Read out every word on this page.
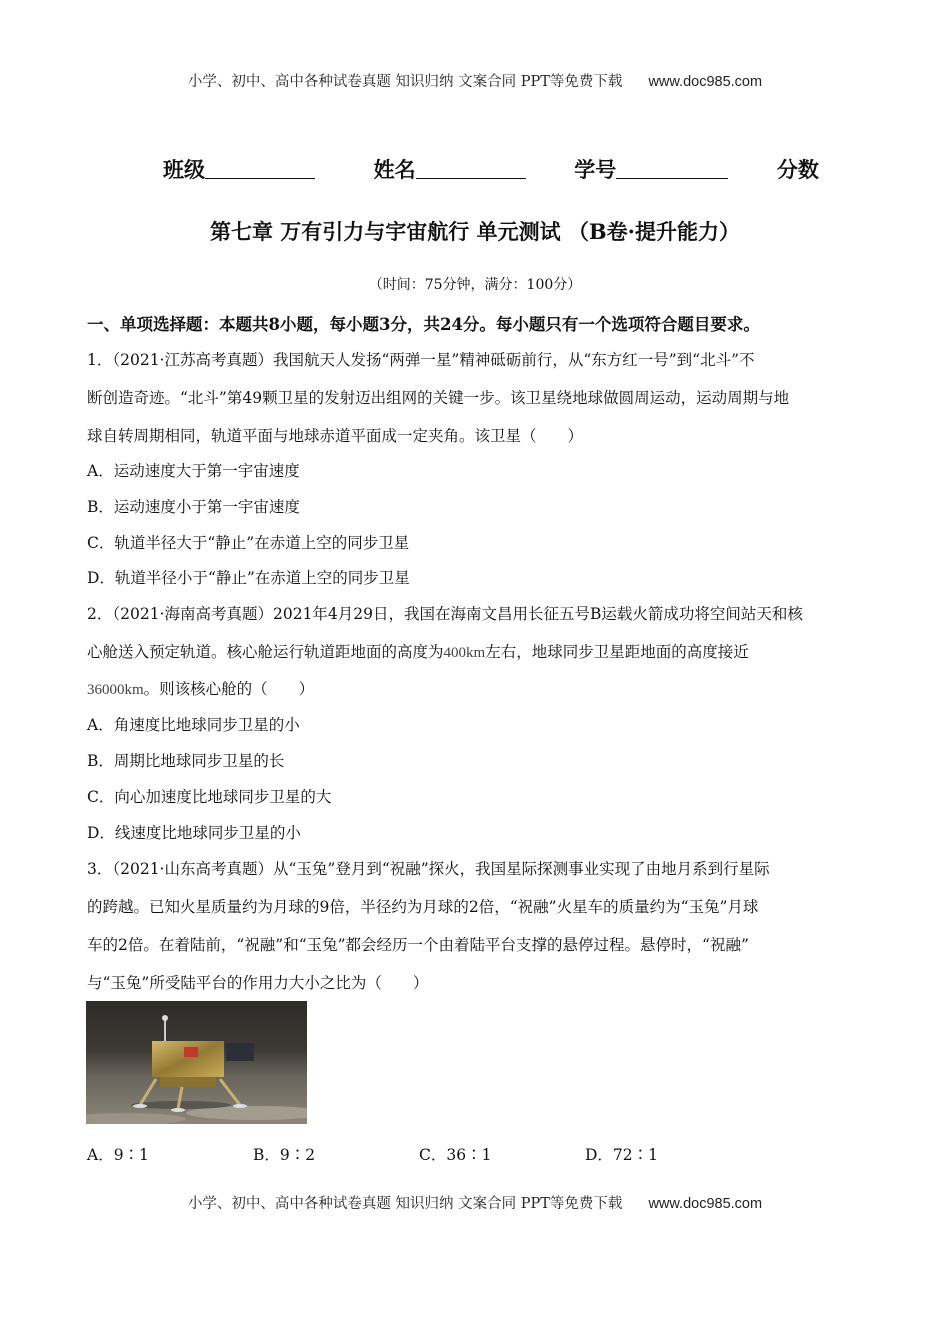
小学、初中、高中各种试卷真题 知识归纳 文案合同 PPT等免费下载 www.doc985.com
班级	姓名	学号	分数
第七章 万有引力与宇宙航行 单元测试 （B卷·提升能力）
（时间：75分钟，满分：100分）
一、单项选择题：本题共8小题，每小题3分，共24分。每小题只有一个选项符合题目要求。
1．（2021·江苏高考真题）我国航天人发扬“两弹一星”精神砥砺前行，从“东方红一号”到“北斗”不
断创造奇迹。“北斗”第49颗卫星的发射迈出组网的关键一步。该卫星绕地球做圆周运动，运动周期与地
球自转周期相同，轨道平面与地球赤道平面成一定夹角。该卫星（　　）
A．运动速度大于第一宇宙速度
B．运动速度小于第一宇宙速度
C．轨道半径大于“静止”在赤道上空的同步卫星
D．轨道半径小于“静止”在赤道上空的同步卫星
2．（2021·海南高考真题）2021年4月29日，我国在海南文昌用长征五号B运载火箭成功将空间站天和核
心舱送入预定轨道。核心舱运行轨道距地面的高度为400km左右，地球同步卫星距地面的高度接近
36000km。则该核心舱的（　　）
A．角速度比地球同步卫星的小
B．周期比地球同步卫星的长
C．向心加速度比地球同步卫星的大
D．线速度比地球同步卫星的小
3．（2021·山东高考真题）从“玉兔”登月到“祝融”探火，我国星际探测事业实现了由地月系到行星际
的跨越。已知火星质量约为月球的9倍，半径约为月球的2倍，“祝融”火星车的质量约为“玉兔”月球
车的2倍。在着陆前，“祝融”和“玉兔”都会经历一个由着陆平台支撑的悬停过程。悬停时，“祝融”
与“玉兔”所受陆平台的作用力大小之比为（　　）
A．9∶1	B．9∶2	C．36∶1	D．72∶1
小学、初中、高中各种试卷真题 知识归纳 文案合同 PPT等免费下载 www.doc985.com
